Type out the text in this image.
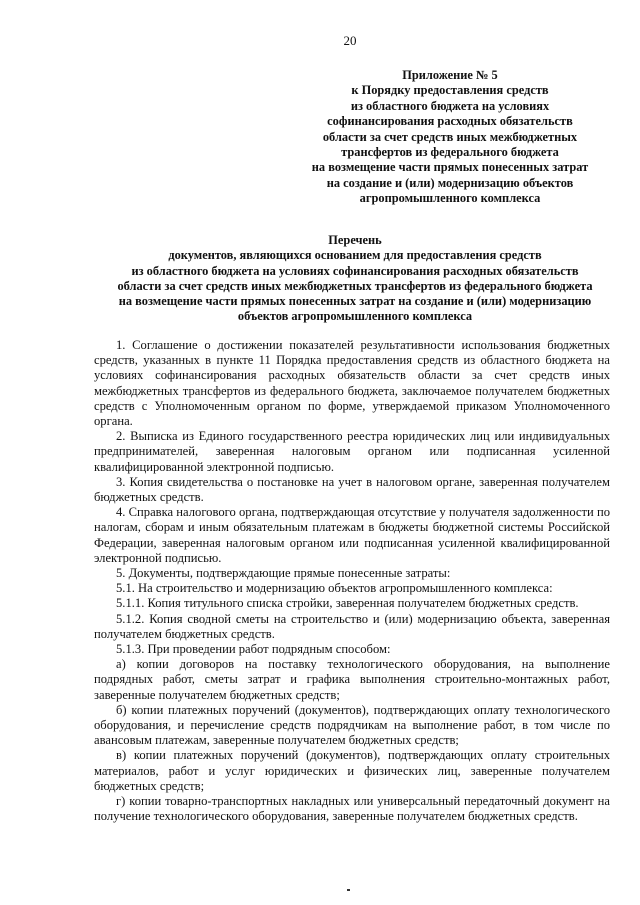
20
Приложение № 5
к Порядку предоставления средств
из областного бюджета на условиях
софинансирования расходных обязательств
области за счет средств иных межбюджетных
трансфертов из федерального бюджета
на возмещение части прямых понесенных затрат
на создание и (или) модернизацию объектов
агропромышленного комплекса
Перечень
документов, являющихся основанием для предоставления средств
из областного бюджета на условиях софинансирования расходных обязательств
области за счет средств иных межбюджетных трансфертов из федерального бюджета
на возмещение части прямых понесенных затрат на создание и (или) модернизацию
объектов агропромышленного комплекса

1. Соглашение о достижении показателей результативности использования бюджетных средств, указанных в пункте 11 Порядка предоставления средств из областного бюджета на условиях софинансирования расходных обязательств области за счет средств иных межбюджетных трансфертов из федерального бюджета, заключаемое получателем бюджетных средств с Уполномоченным органом по форме, утверждаемой приказом Уполномоченного органа.

2. Выписка из Единого государственного реестра юридических лиц или индивидуальных предпринимателей, заверенная налоговым органом или подписанная усиленной квалифицированной электронной подписью.

3. Копия свидетельства о постановке на учет в налоговом органе, заверенная получателем бюджетных средств.

4. Справка налогового органа, подтверждающая отсутствие у получателя задолженности по налогам, сборам и иным обязательным платежам в бюджеты бюджетной системы Российской Федерации, заверенная налоговым органом или подписанная усиленной квалифицированной электронной подписью.

5. Документы, подтверждающие прямые понесенные затраты:

5.1. На строительство и модернизацию объектов агропромышленного комплекса:

5.1.1. Копия титульного списка стройки, заверенная получателем бюджетных средств.

5.1.2. Копия сводной сметы на строительство и (или) модернизацию объекта, заверенная получателем бюджетных средств.

5.1.3. При проведении работ подрядным способом:

а) копии договоров на поставку технологического оборудования, на выполнение подрядных работ, сметы затрат и графика выполнения строительно-монтажных работ, заверенные получателем бюджетных средств;

б) копии платежных поручений (документов), подтверждающих оплату технологического оборудования, и перечисление средств подрядчикам на выполнение работ, в том числе по авансовым платежам, заверенные получателем бюджетных средств;

в) копии платежных поручений (документов), подтверждающих оплату строительных материалов, работ и услуг юридических и физических лиц, заверенные получателем бюджетных средств;

г) копии товарно-транспортных накладных или универсальный передаточный документ на получение технологического оборудования, заверенные получателем бюджетных средств.
